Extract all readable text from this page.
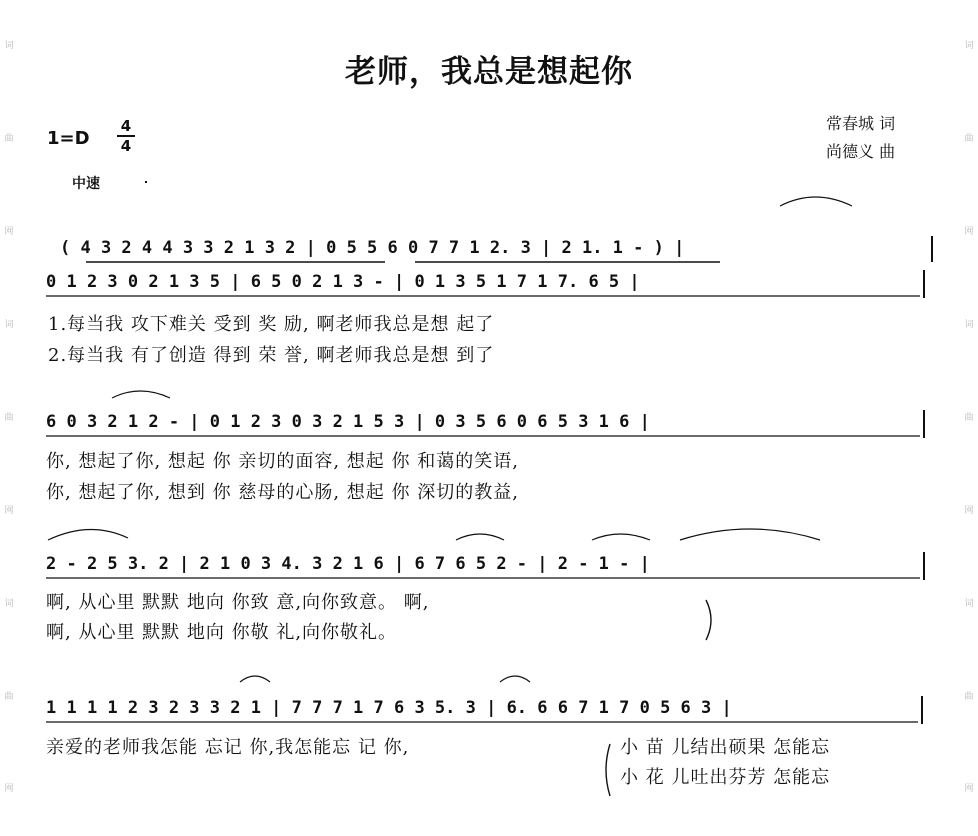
词
曲
网
词
曲
网
词
曲
网
词
曲
网
词
曲
网
词
曲
网
老师，我总是想起你
常春城 词
尚德义 曲
1=D
4
4
中速
( 4 3 2 4 4 3 3 2 1 3 2 | 0 5 5 6 0 7 7 1 2. 3 | 2 1. 1 - ) |
0 1 2 3 0 2 1 3 5 | 6 5 0 2 1 3 - | 0 1 3 5 1 7 1 7. 6 5 |
1.每当我 攻下难关 受到 奖 励, 啊老师我总是想 起了
2.每当我 有了创造 得到 荣 誉, 啊老师我总是想 到了
6 0 3 2 1 2 - | 0 1 2 3 0 3 2 1 5 3 | 0 3 5 6 0 6 5 3 1 6 |
你, 想起了你, 想起 你 亲切的面容, 想起 你 和蔼的笑语,
你, 想起了你, 想到 你 慈母的心肠, 想起 你 深切的教益,
2 - 2 5 3. 2 | 2 1 0 3 4. 3 2 1 6 | 6 7 6 5 2 - | 2 - 1 - |
啊, 从心里 默默 地向 你致 意,向你致意。 啊,
啊, 从心里 默默 地向 你敬 礼,向你敬礼。
1 1 1 1 2 3 2 3 3 2 1 | 7 7 7 1 7 6 3 5. 3 | 6. 6 6 7 1 7 0 5 6 3 |
亲爱的老师我怎能 忘记 你,我怎能忘 记 你,	小 苗 儿结出硕果 怎能忘
小 花 儿吐出芬芳 怎能忘
